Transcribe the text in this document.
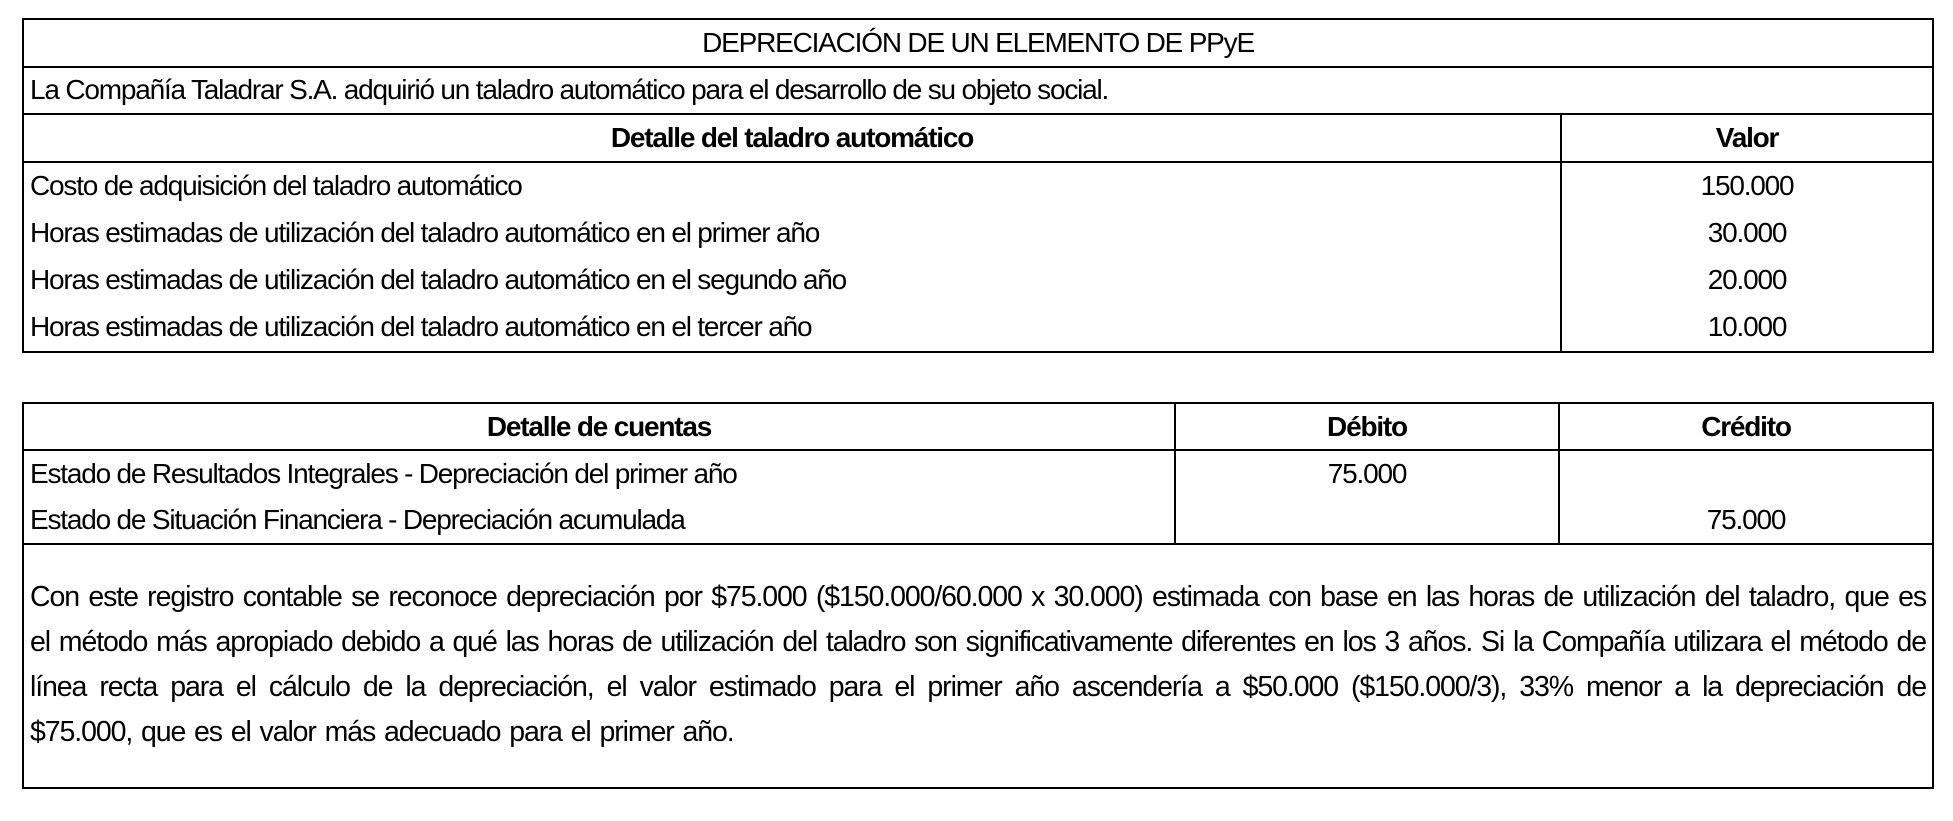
DEPRECIACIÓN DE UN ELEMENTO DE PPyE	
La Compañía Taladrar S.A. adquirió un taladro automático para el desarrollo de su objeto social.	
Detalle del taladro automático	Valor
Costo de adquisición del taladro automático	150.000
Horas estimadas de utilización del taladro automático en el primer año	30.000
Horas estimadas de utilización del taladro automático en el segundo año	20.000
Horas estimadas de utilización del taladro automático en el tercer año	10.000
Detalle de cuentas	Débito	Crédito
Estado de Resultados Integrales - Depreciación del primer año	75.000	
Estado de Situación Financiera - Depreciación acumulada		75.000
Con este registro contable se reconoce depreciación por $75.000 ($150.000/60.000 x 30.000) estimada con base en las horas de utilización del taladro, que es el método más apropiado debido a qué las horas de utilización del taladro son significativamente diferentes en los 3 años. Si la Compañía utilizara el método de línea recta para el cálculo de la depreciación, el valor estimado para el primer año ascendería a $50.000 ($150.000/3), 33% menor a la depreciación de $75.000, que es el valor más adecuado para el primer año.		
